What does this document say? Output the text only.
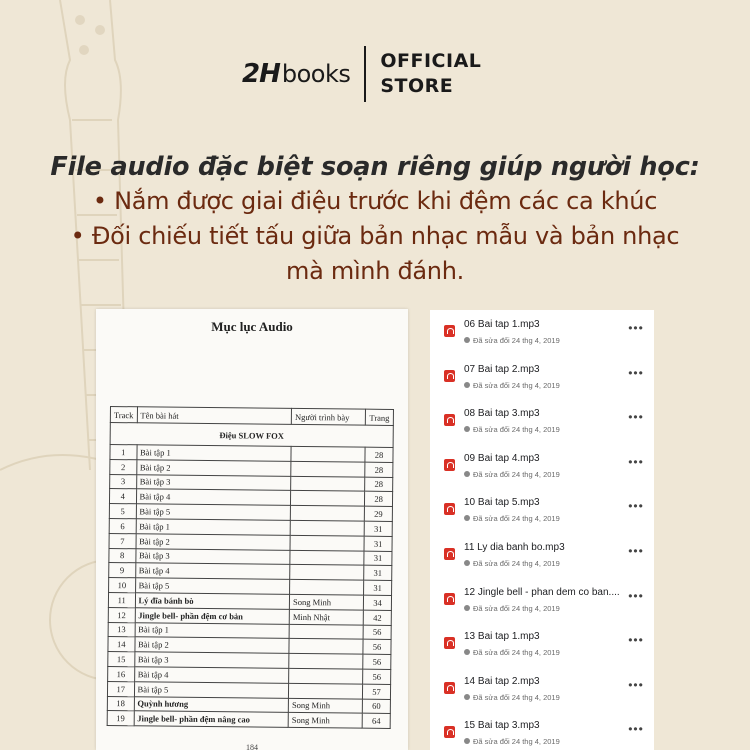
2H books OFFICIAL
STORE
File audio đặc biệt soạn riêng giúp người học:
• Nắm được giai điệu trước khi đệm các ca khúc
• Đối chiếu tiết tấu giữa bản nhạc mẫu và bản nhạc
mà mình đánh.
Mục lục Audio
Track	Tên bài hát	Người trình bày	Trang
Điệu SLOW FOX			
1	Bài tập 1		28
2	Bài tập 2		28
3	Bài tập 3		28
4	Bài tập 4		28
5	Bài tập 5		29
6	Bài tập 1		31
7	Bài tập 2		31
8	Bài tập 3		31
9	Bài tập 4		31
10	Bài tập 5		31
11	Lý đĩa bánh bò	Song Minh	34
12	Jingle bell- phần đệm cơ bản	Minh Nhật	42
13	Bài tập 1		56
14	Bài tập 2		56
15	Bài tập 3		56
16	Bài tập 4		56
17	Bài tập 5		57
18	Quỳnh hương	Song Minh	60
19	Jingle bell- phần đệm nâng cao	Song Minh	64
184
06 Bai tap 1.mp3
Đã sửa đổi 24 thg 4, 2019
•••
07 Bai tap 2.mp3
Đã sửa đổi 24 thg 4, 2019
•••
08 Bai tap 3.mp3
Đã sửa đổi 24 thg 4, 2019
•••
09 Bai tap 4.mp3
Đã sửa đổi 24 thg 4, 2019
•••
10 Bai tap 5.mp3
Đã sửa đổi 24 thg 4, 2019
•••
11 Ly dia banh bo.mp3
Đã sửa đổi 24 thg 4, 2019
•••
12 Jingle bell - phan dem co ban....
Đã sửa đổi 24 thg 4, 2019
•••
13 Bai tap 1.mp3
Đã sửa đổi 24 thg 4, 2019
•••
14 Bai tap 2.mp3
Đã sửa đổi 24 thg 4, 2019
•••
15 Bai tap 3.mp3
Đã sửa đổi 24 thg 4, 2019
•••
